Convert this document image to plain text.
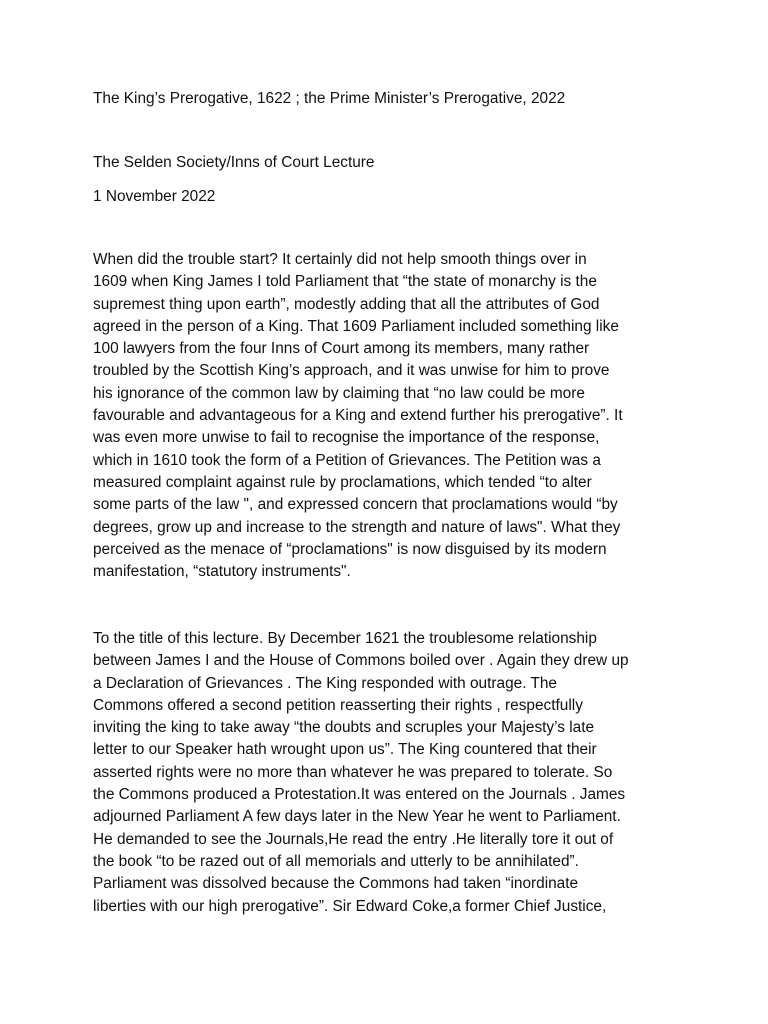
The King’s Prerogative, 1622 ; the Prime Minister’s Prerogative, 2022
The Selden Society/Inns of Court Lecture
1 November 2022
When did the trouble start? It certainly did not help smooth things over in
1609 when King James I told Parliament that “the state of monarchy is the
supremest thing upon earth”, modestly adding that all the attributes of God
agreed in the person of a King. That 1609 Parliament included something like
100 lawyers from the four Inns of Court among its members, many rather
troubled by the Scottish King’s approach, and it was unwise for him to prove
his ignorance of the common law by claiming that “no law could be more
favourable and advantageous for a King and extend further his prerogative”. It
was even more unwise to fail to recognise the importance of the response,
which in 1610 took the form of a Petition of Grievances. The Petition was a
measured complaint against rule by proclamations, which tended “to alter
some parts of the law ", and expressed concern that proclamations would “by
degrees, grow up and increase to the strength and nature of laws". What they
perceived as the menace of “proclamations" is now disguised by its modern
manifestation, “statutory instruments".
To the title of this lecture. By December 1621 the troublesome relationship
between James I and the House of Commons boiled over . Again they drew up
a Declaration of Grievances . The King responded with outrage. The
Commons offered a second petition reasserting their rights , respectfully
inviting the king to take away “the doubts and scruples your Majesty’s late
letter to our Speaker hath wrought upon us”. The King countered that their
asserted rights were no more than whatever he was prepared to tolerate. So
the Commons produced a Protestation.It was entered on the Journals . James
adjourned Parliament A few days later in the New Year he went to Parliament.
He demanded to see the Journals,He read the entry .He literally tore it out of
the book “to be razed out of all memorials and utterly to be annihilated”.
Parliament was dissolved because the Commons had taken “inordinate
liberties with our high prerogative”. Sir Edward Coke,a former Chief Justice,
